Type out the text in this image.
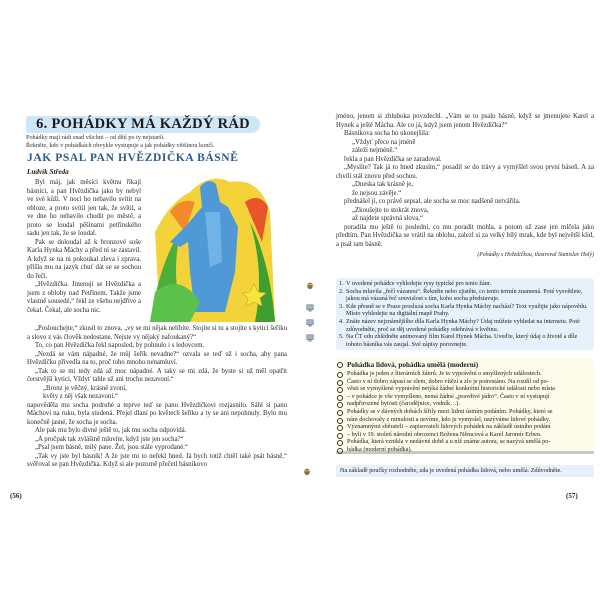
6. POHÁDKY MÁ KAŽDÝ RÁD
Pohádky mají rádi snad všichni – od dětí po ty nejstarší.
Řekněte, kdo v pohádkách obvykle vystupuje a jak pohádky většinou končí.
JAK PSAL PAN HVĚZDIČKA BÁSNĚ
Ludvík Středa

Byl máj, jak měsíci květnu říkají básníci, a pan Hvězdička jako by nebyl ve své kůži. V noci ho nebavilo svítit na obloze, a proto svítil jen tak, že svítil, a ve dne ho nebavilo chodit po městě, a proto se loudal pěšinami petřínského sadu jen tak, že se loudal.

Pak se doloudal až k bronzové soše Karla Hynka Máchy a před ní se zastavil. A když se na ni pokoukal zleva i zprava, přišla mu na jazyk chuť dát se se sochou do řeči.

„Hvězdička. Jmenuji se Hvězdička a jsem z oblohy nad Petřínem. Takže jsme vlastně sousedé,“ řekl ze všeho nejdříve a čekal. Čekal, ale socha nic.

„Poslouchejte,“ zkusil to znova, „vy se mi nějak nelíbíte. Stojíte si tu a stojíte s kyticí šeříku a slovo z vás člověk nedostane. Nejste vy nějaký nafoukaný?“

To, co pan Hvězdička řekl naposled, by pohnulo i s ledovcem.

„Nezdá se vám nápadné, že můj šeřík nevadne?“ ozvala se teď už i socha, aby pana Hvězdičku přivedla na to, proč toho mnoho nenamluví.

„Tak to se mi tedy zdá až moc nápadné. A taky se mi zdá, že byste si už měl opatřit čerstvější kytici. Vždyť tahle už ani trochu nezavoní.“

„Bronz je věčný, krásně zvoní,

květy z něj však nezavoní.“

napověděla mu socha podruhé a teprve teď se panu Hvězdičkovi rozjasnilo. Sáhl si panu Máchovi na ruku, byla studená. Přejel dlaní po květech šeříku a ty se ani nepohnuly. Bylo mu konečně jasné, že socha je socha.

Ale pak mu bylo divné ještě to, jak mu socha odpovídá.

„A pročpak tak zvláštně mluvíte, když jste jen socha?“

„Psal jsem básně, milý pane. Žel, jsou stále vyprodané.“

„Tak vy jste byl básník! A že jste mi to neřekl hned. Já bych totiž chtěl také psát básně,“ svěřoval se pan Hvězdička. Když si ale pozorně přečetl básníkovo

(56)

jméno, jenom si zhluboka povzdechl. „Vám se to psalo básně, když se jmenujete Karel a Hynek a ještě Mácha. Ale co já, když jsem jenom Hvězdička?“

Básníkova socha ho ukonejšila:

„Vždyť přece na jméně

záleží nejméně.“

řekla a pan Hvězdička se zaradoval.

„Myslíte? Tak já to hned zkusím,“ posadil se do trávy a vymýšlel svou první báseň. A za chvíli stál znovu před sochou.

„Dneska tak krásně je,

že nejsou závěje.“

přednášel jí, co právě sepsal, ale socha se moc nadšeně netvářila.

„Zkoušejte to stokrát znova,

až najdete správná slova,“

poradila mu ještě to poslední, co mu poradit mohla, a potom už zase jen mlčela jako předtím. Pan Hvězdička se vrátil na oblohu, zalezl si za velký bílý mrak, kde byl největší klid, a psal tam básně.

(Pohádky s Hvězdičkou, ilustroval Stanislav Holý)
1. V uvedené pohádce vyhledejte rysy typické pro tento žánr.
2. Socha mluvila „řečí vázanou“. Řekněte nebo zjistěte, co tento termín znamená. Poté vysvětlete, jakou má vázaná řeč souvislost s tím, koho socha představuje.
3. Kde přesně se v Praze prosluлá socha Karla Hynka Máchy nachází? Text využijte jako nápovědu. Místo vyhledejte na digitální mapě Prahy.
4. Znáte název nejznámějšího díla Karla Hynka Máchy? Údaj můžete vyhledat na internetu. Poté zdůvodněte, proč se děj uvedené pohádky odehrává v květnu.
5. Na ČT edu zhlédněte animovaný film Karel Hynek Mácha. Uveďte, který údaj o životě a díle tohoto básníka vás zaujal. Své zápisy porovnejte.
Pohádka lidová, pohádka umělá (moderní)
Pohádka je jeden z literárních žánrů. Je to vyprávění o smyšlených událostech.
Často v ní dobro zápasí se zlem, dobro vítězí a zlo je potrestáno. Na rozdíl od po-
věsti se vymyšlené vyprávění netýká žádné konkrétní historické události nebo místa
– v pohádce je vše vymyšleno, nemá žádné „pravdivé jádro“. Často v ní vystupují
nadpřirozené bytosti (čarodějnice, vodník…).
Pohádky se v dávných dobách šířily mezi lidmi ústním podáním. Pohádky, které se
nám dochovaly z minulosti a nevíme, kdo je vymyslel, nazýváme lidové pohádky.
Významnými sběrateli – zapisovateli lidových pohádek na základě ústního podání
– byli v 19. století národní obrozenci Božena Němcová a Karel Jaromír Erben.
Pohádka, která vznikla v nedávné době a u níž známe autora, se nazývá umělá po-
hádka (moderní pohádka).
Na základě poučky rozhodněte, zda je uvedená pohádka lidová, nebo umělá. Zdůvodněte.
(57)
